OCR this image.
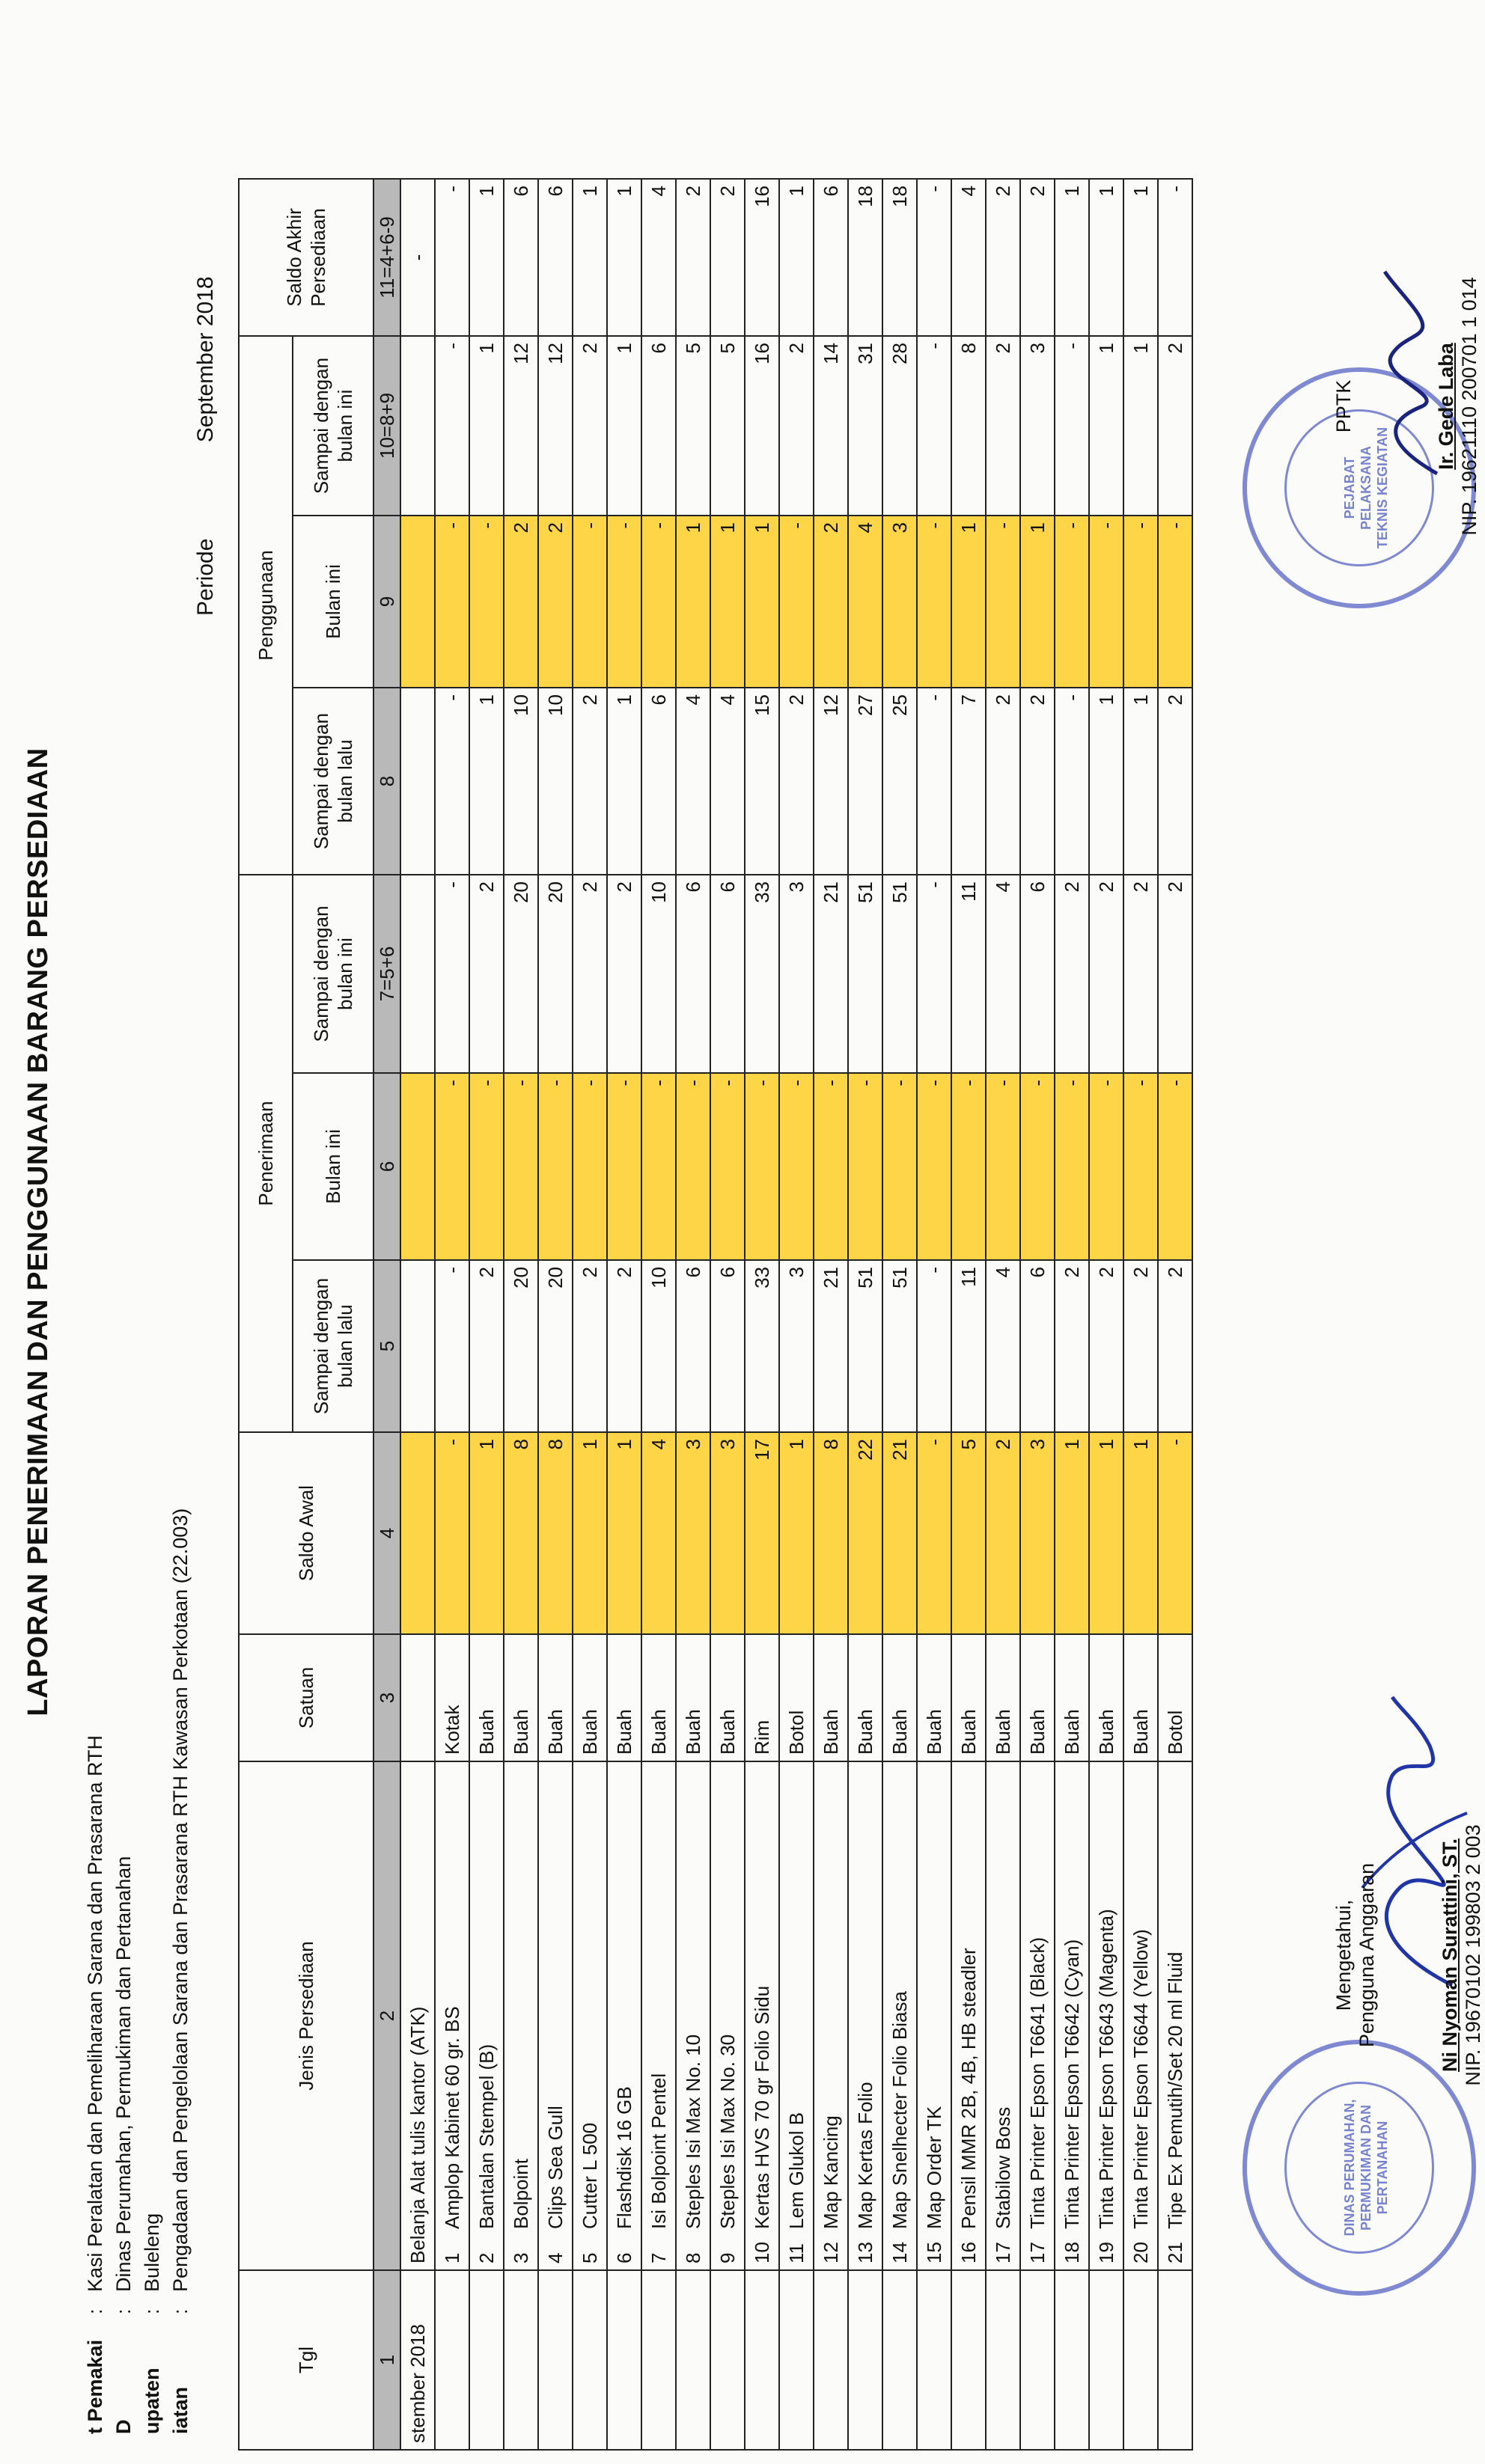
LAPORAN PENERIMAAN DAN PENGGUNAAN BARANG PERSEDIAAN
t Pemakai:Kasi Peralatan dan Pemeliharaan Sarana dan Prasarana RTH
D:Dinas Perumahan, Permukiman dan Pertanahan
upaten:Buleleng
iatan:Pengadaan dan Pengelolaan Sarana dan Prasarana RTH Kawasan Perkotaan (22.003)
Periode September 2018
Tgl	Jenis Persediaan	Satuan	Saldo Awal	Penerimaan			Penggunaan			Saldo Akhir Persediaan
				Sampai dengan bulan lalu	Bulan ini	Sampai dengan bulan ini	Sampai dengan bulan lalu	Bulan ini	Sampai dengan bulan ini	
1	2	3	4	5	6	7=5+6	8	9	10=8+9	11=4+6-9
stember 2018	Belanja Alat tulis kantor (ATK)									-
	1Amplop Kabinet 60 gr. BS	Kotak	-	-	-	-	-	-	-	-
	2Bantalan Stempel (B)	Buah	1	2	-	2	1	-	1	1
	3Bolpoint	Buah	8	20	-	20	10	2	12	6
	4Clips Sea Gull	Buah	8	20	-	20	10	2	12	6
	5Cutter L 500	Buah	1	2	-	2	2	-	2	1
	6Flashdisk 16 GB	Buah	1	2	-	2	1	-	1	1
	7Isi Bolpoint Pentel	Buah	4	10	-	10	6	-	6	4
	8Steples Isi Max No. 10	Buah	3	6	-	6	4	1	5	2
	9Steples Isi Max No. 30	Buah	3	6	-	6	4	1	5	2
	10Kertas HVS 70 gr Folio Sidu	Rim	17	33	-	33	15	1	16	16
	11Lem Glukol B	Botol	1	3	-	3	2	-	2	1
	12Map Kancing	Buah	8	21	-	21	12	2	14	6
	13Map Kertas Folio	Buah	22	51	-	51	27	4	31	18
	14Map Snelhecter Folio Biasa	Buah	21	51	-	51	25	3	28	18
	15Map Order TK	Buah	-	-	-	-	-	-	-	-
	16Pensil MMR 2B, 4B, HB steadler	Buah	5	11	-	11	7	1	8	4
	17Stabilow Boss	Buah	2	4	-	4	2	-	2	2
	17Tinta Printer Epson T6641 (Black)	Buah	3	6	-	6	2	1	3	2
	18Tinta Printer Epson T6642 (Cyan)	Buah	1	2	-	2	-	-	-	1
	19Tinta Printer Epson T6643 (Magenta)	Buah	1	2	-	2	1	-	1	1
	20Tinta Printer Epson T6644 (Yellow)	Buah	1	2	-	2	1	-	1	1
	21Tipe Ex Pemutih/Set 20 ml Fluid	Botol	-	2	-	2	2	-	2	-
DINAS PERUMAHAN, PERMUKIMAN DAN PERTANAHAN
Mengetahui, Pengguna Anggaran	Ni Nyoman Surattini, ST. NIP. 19670102 199803 2 003
PEJABAT PELAKSANA TEKNIS KEGIATAN
PPTK	Ir. Gede Laba NIP. 19621110 200701 1 014
